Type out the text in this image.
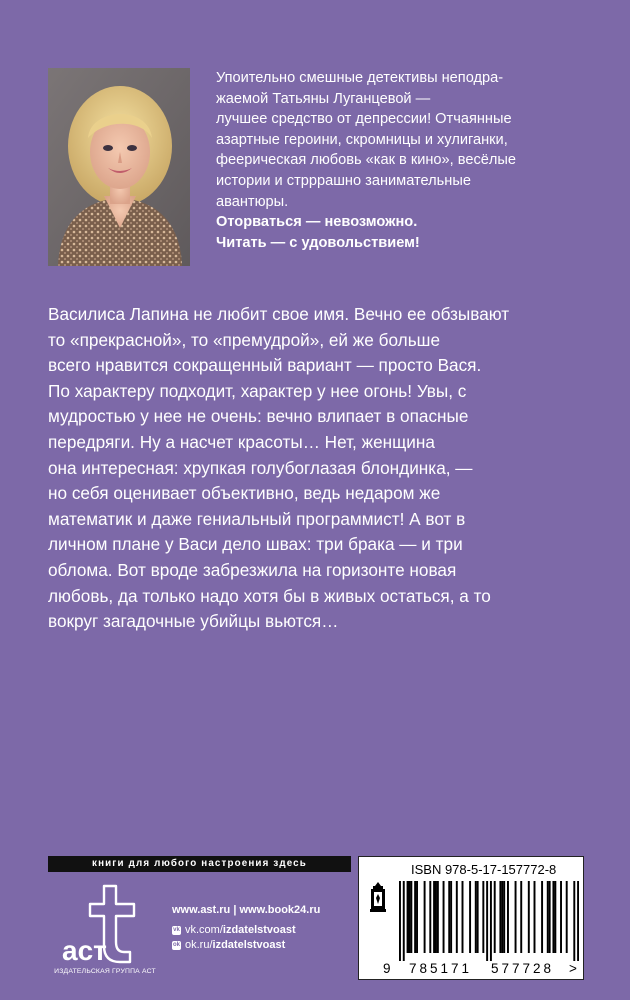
Упоительно смешные детективы неподра-

жаемой Татьяны Луганцевой —

лучшее средство от депрессии! Отчаянные

азартные героини, скромницы и хулиганки,

феерическая любовь «как в кино», весёлые

истории и стрррашно занимательные

авантюры.

Оторваться — невозможно.

Читать — с удовольствием!

Василиса Лапина не любит свое имя. Вечно ее обзывают

то «прекрасной», то «премудрой», ей же больше

всего нравится сокращенный вариант — просто Вася.

По характеру подходит, характер у нее огонь! Увы, с

мудростью у нее не очень: вечно влипает в опасные

передряги. Ну а насчет красоты… Нет, женщина

она интересная: хрупкая голубоглазая блондинка, —

но себя оценивает объективно, ведь недаром же

математик и даже гениальный программист! А вот в

личном плане у Васи дело швах: три брака — и три

облома. Вот вроде забрезжила на горизонте новая

любовь, да только надо хотя бы в живых остаться, а то

вокруг загадочные убийцы вьются…

книги для любого настроения здесь
аст
ИЗДАТЕЛЬСКАЯ ГРУППА АСТ
www.ast.ru | www.book24.ru
vk vk.com/izdatelstvoast
ok ok.ru/izdatelstvoast
ISBN 978-5-17-157772-8
9 785171 577728 >
